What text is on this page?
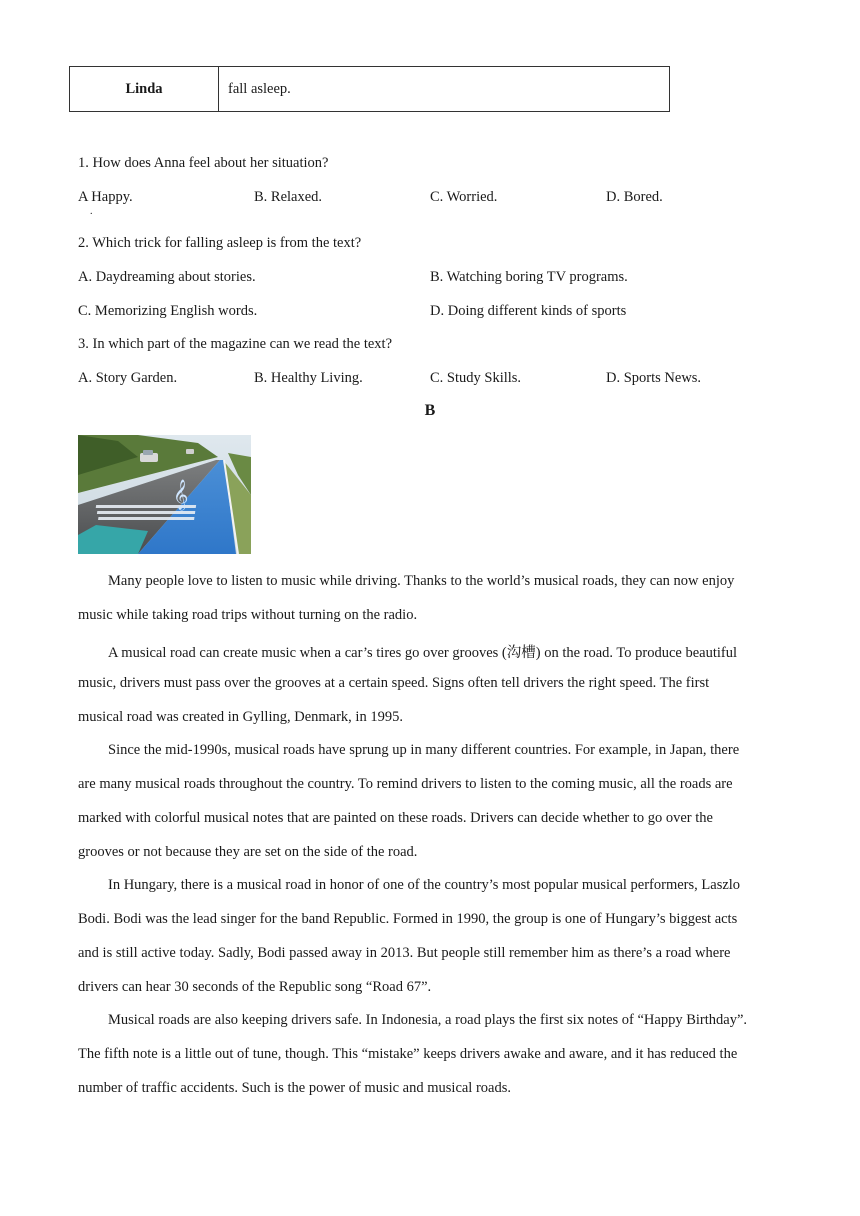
Linda	fall asleep.
1. How does Anna feel about her situation?
A Happy.	B. Relaxed.	C. Worried.	D. Bored.
.
2. Which trick for falling asleep is from the text?
A. Daydreaming about stories.	B. Watching boring TV programs.
C. Memorizing English words.	D. Doing different kinds of sports
3. In which part of the magazine can we read the text?
A. Story Garden.	B. Healthy Living.	C. Study Skills.	D. Sports News.
B
𝄞
Many people love to listen to music while driving. Thanks to the world’s musical roads, they can now enjoy
music while taking road trips without turning on the radio.
A musical road can create music when a car’s tires go over grooves (沟槽) on the road. To produce beautiful
music, drivers must pass over the grooves at a certain speed. Signs often tell drivers the right speed. The first
musical road was created in Gylling, Denmark, in 1995.
Since the mid-1990s, musical roads have sprung up in many different countries. For example, in Japan, there
are many musical roads throughout the country. To remind drivers to listen to the coming music, all the roads are
marked with colorful musical notes that are painted on these roads. Drivers can decide whether to go over the
grooves or not because they are set on the side of the road.
In Hungary, there is a musical road in honor of one of the country’s most popular musical performers, Laszlo
Bodi. Bodi was the lead singer for the band Republic. Formed in 1990, the group is one of Hungary’s biggest acts
and is still active today. Sadly, Bodi passed away in 2013. But people still remember him as there’s a road where
drivers can hear 30 seconds of the Republic song “Road 67”.
Musical roads are also keeping drivers safe. In Indonesia, a road plays the first six notes of “Happy Birthday”.
The fifth note is a little out of tune, though. This “mistake” keeps drivers awake and aware, and it has reduced the
number of traffic accidents. Such is the power of music and musical roads.
